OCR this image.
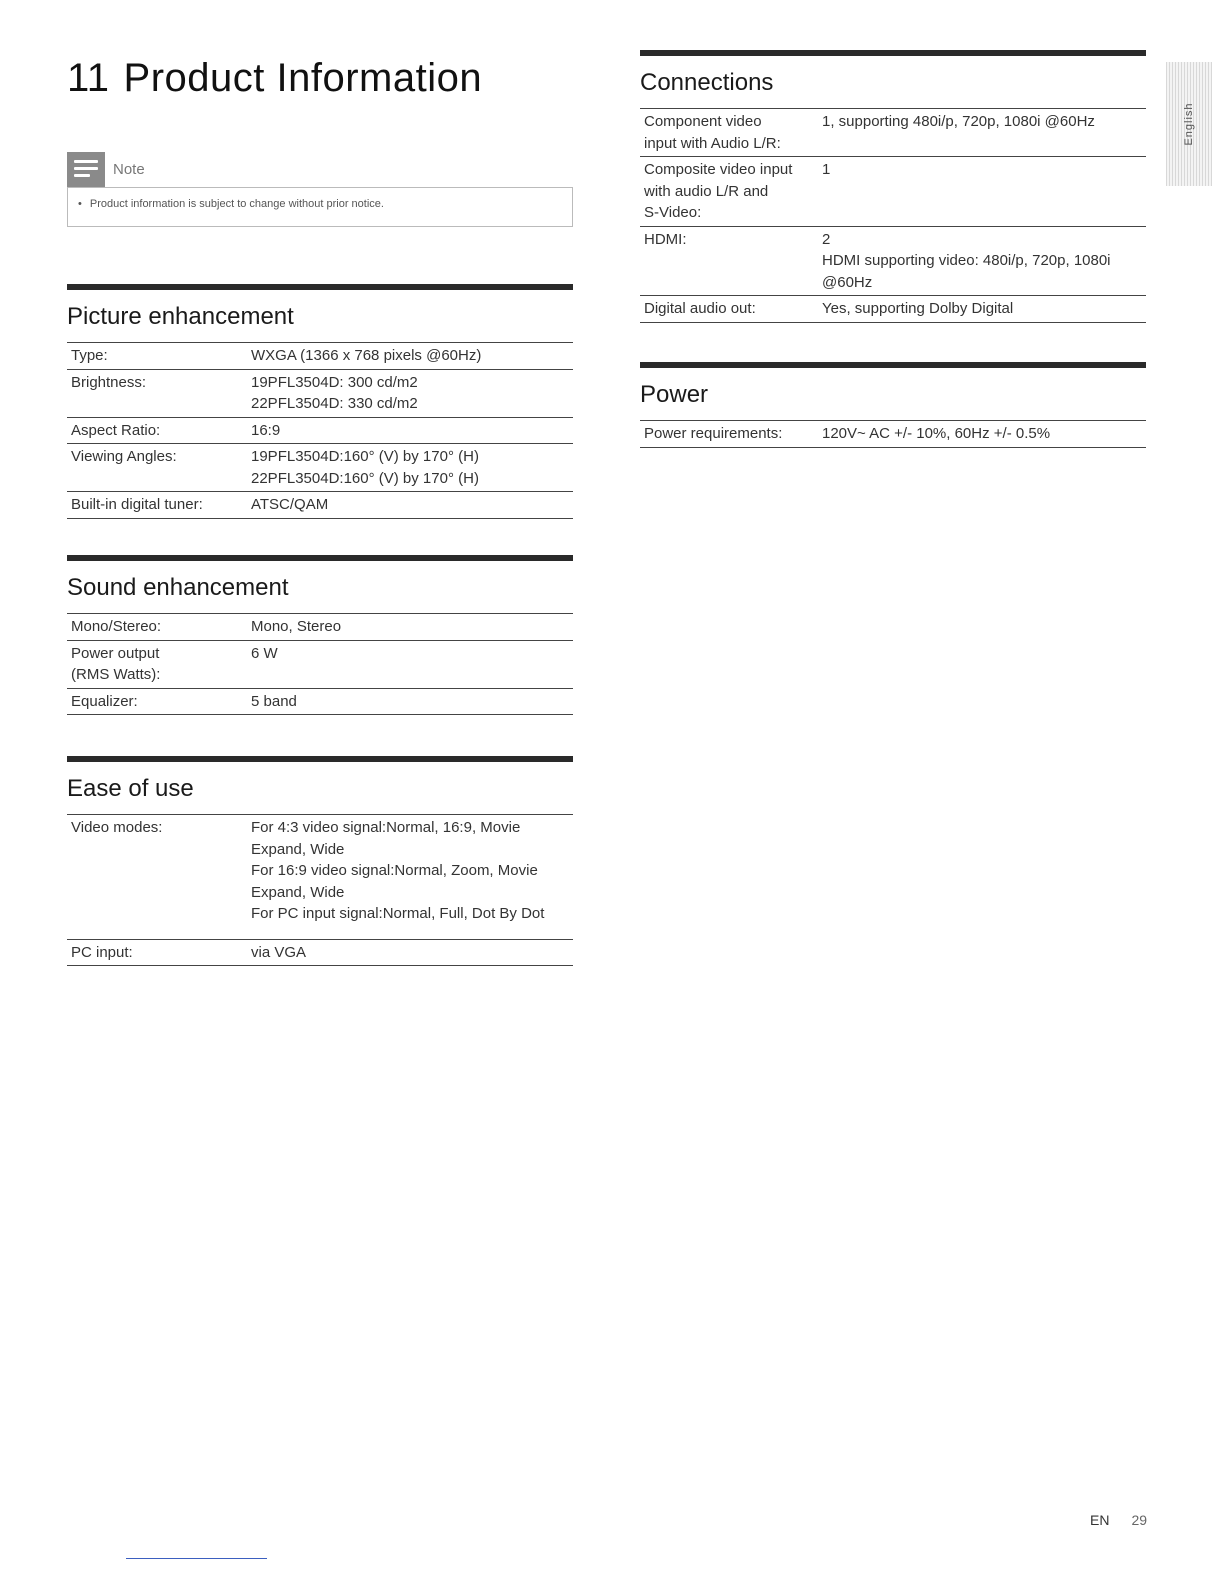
11 Product Information
Note
• Product information is subject to change without prior notice.
Picture enhancement
Type:	WXGA (1366 x 768 pixels @60Hz)
Brightness:	19PFL3504D: 300 cd/m2
22PFL3504D: 330 cd/m2
Aspect Ratio:	16:9
Viewing Angles:	19PFL3504D:160° (V) by 170° (H)
22PFL3504D:160° (V) by 170° (H)
Built-in digital tuner:	ATSC/QAM
Sound enhancement
Mono/Stereo:	Mono, Stereo
Power output
(RMS Watts):	6 W
Equalizer:	5 band
Ease of use
Video modes:	For 4:3 video signal:Normal, 16:9, Movie
Expand, Wide
For 16:9 video signal:Normal, Zoom, Movie
Expand, Wide
For PC input signal:Normal, Full, Dot By Dot
PC input:	via VGA
Connections
Component video
input with Audio L/R:	1, supporting 480i/p, 720p, 1080i @60Hz
Composite video input
with audio L/R and
S-Video:	1
HDMI:	2
HDMI supporting video: 480i/p, 720p, 1080i
@60Hz
Digital audio out:	Yes, supporting Dolby Digital
Power
Power requirements:	120V~ AC +/- 10%, 60Hz +/- 0.5%
English
EN 29
